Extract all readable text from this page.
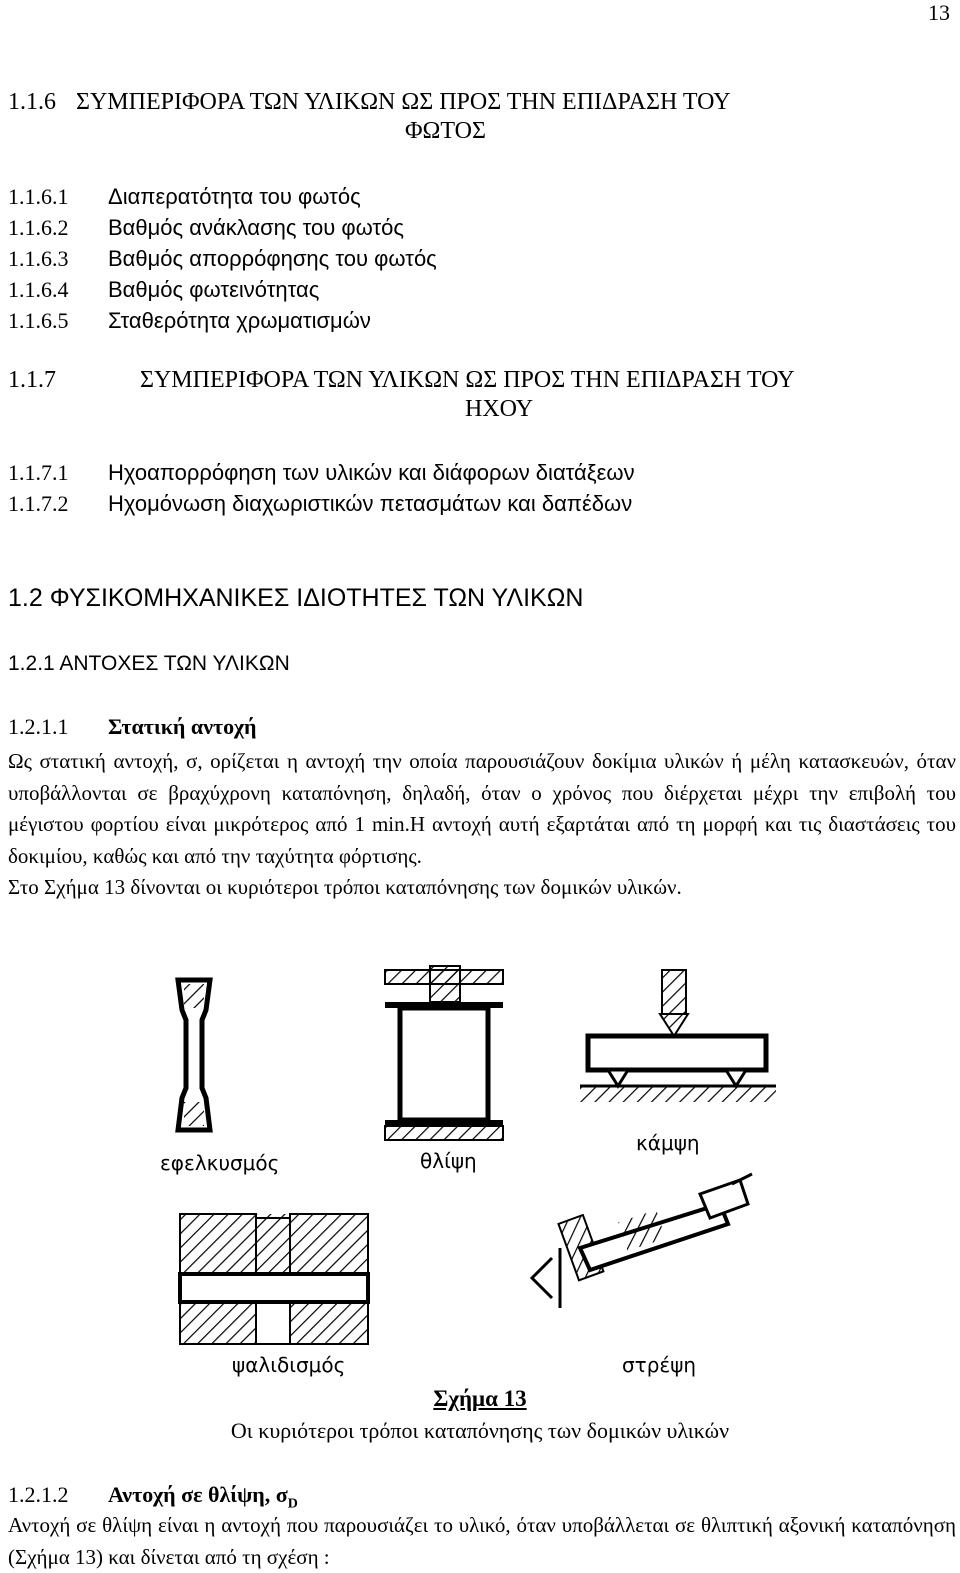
13
1.1.6 ΣΥΜΠΕΡΙΦΟΡΑ ΤΩΝ ΥΛΙΚΩΝ ΩΣ ΠΡΟΣ ΤΗΝ ΕΠΙΔΡΑΣΗ ΤΟΥ
ΦΩΤΟΣ
1.1.6.1 Διαπερατότητα του φωτός
1.1.6.2 Βαθμός ανάκλασης του φωτός
1.1.6.3 Βαθμός απορρόφησης του φωτός
1.1.6.4 Βαθμός φωτεινότητας
1.1.6.5 Σταθερότητα χρωματισμών
1.1.7	ΣΥΜΠΕΡΙΦΟΡΑ ΤΩΝ ΥΛΙΚΩΝ ΩΣ ΠΡΟΣ ΤΗΝ ΕΠΙΔΡΑΣΗ ΤΟΥ
ΗΧΟΥ
1.1.7.1 Ηχοαπορρόφηση των υλικών και διάφορων διατάξεων
1.1.7.2 Ηχομόνωση διαχωριστικών πετασμάτων και δαπέδων
1.2 ΦΥΣΙΚΟΜΗΧΑΝΙΚΕΣ ΙΔΙΟΤΗΤΕΣ ΤΩΝ ΥΛΙΚΩΝ
1.2.1 ΑΝΤΟΧΕΣ ΤΩΝ ΥΛΙΚΩΝ
1.2.1.1 Στατική αντοχή
Ως στατική αντοχή, σ, ορίζεται η αντοχή την οποία παρουσιάζουν δοκίμια υλικών ή μέλη κατασκευών, όταν υποβάλλονται σε βραχύχρονη καταπόνηση, δηλαδή, όταν ο χρόνος που διέρχεται μέχρι την επιβολή του μέγιστου φορτίου είναι μικρότερος από 1 min.Η αντοχή αυτή εξαρτάται από τη μορφή και τις διαστάσεις του δοκιμίου, καθώς και από την ταχύτητα φόρτισης.
Στο Σχήμα 13 δίνονται οι κυριότεροι τρόποι καταπόνησης των δομικών υλικών.
εφελκυσμός	θλίψη
κάμψη
ψαλιδισμός	στρέψη
Σχήμα 13
Οι κυριότεροι τρόποι καταπόνησης των δομικών υλικών
1.2.1.2 Αντοχή σε θλίψη, $\sigma_D$
Αντοχή σε θλίψη είναι η αντοχή που παρουσιάζει το υλικό, όταν υποβάλλεται σε θλιπτική αξονική καταπόνηση (Σχήμα 13) και δίνεται από τη σχέση :
